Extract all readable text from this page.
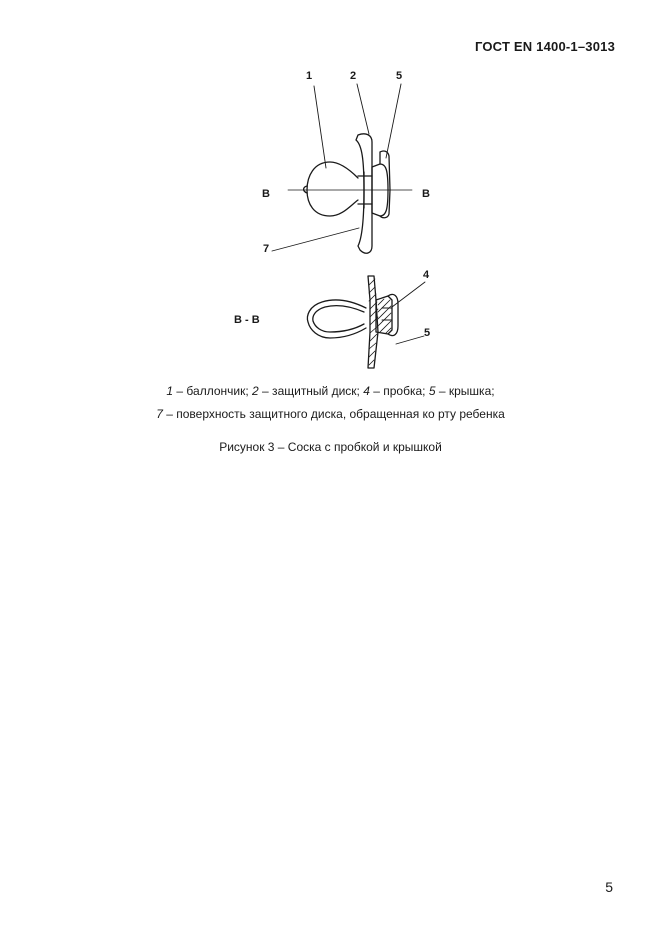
ГОСТ EN 1400-1–3013
1	2	5
7
B	B
B - B
4
5
1 – баллончик; 2 – защитный диск; 4 – пробка; 5 – крышка;
7 – поверхность защитного диска, обращенная ко рту ребенка
Рисунок 3 – Соска с пробкой и крышкой
5
